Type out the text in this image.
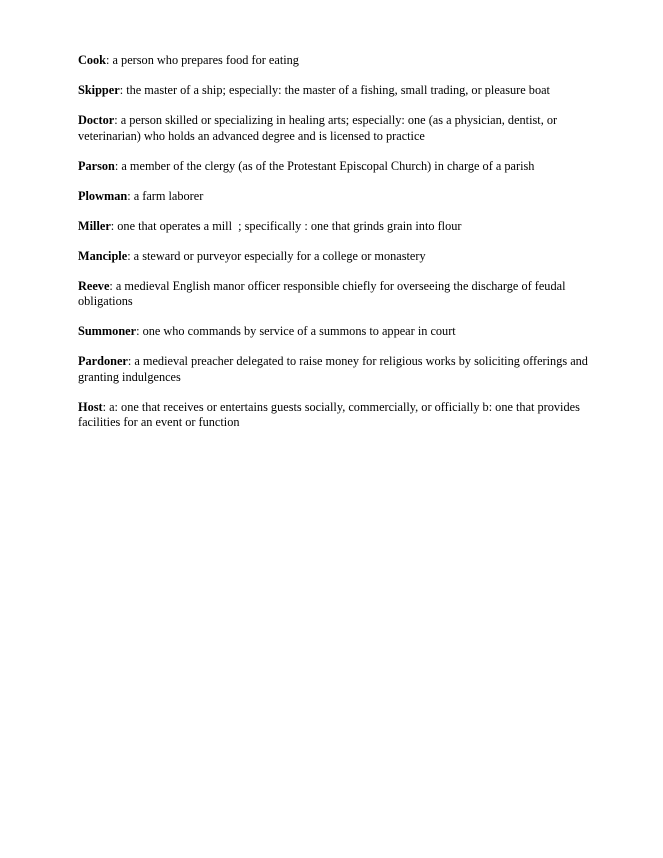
Cook: a person who prepares food for eating

Skipper: the master of a ship; especially: the master of a fishing, small trading, or pleasure boat

Doctor: a person skilled or specializing in healing arts; especially: one (as a physician, dentist, or veterinarian) who holds an advanced degree and is licensed to practice

Parson: a member of the clergy (as of the Protestant Episcopal Church) in charge of a parish

Plowman: a farm laborer

Miller: one that operates a mill  ; specifically : one that grinds grain into flour

Manciple: a steward or purveyor especially for a college or monastery

Reeve: a medieval English manor officer responsible chiefly for overseeing the discharge of feudal obligations

Summoner: one who commands by service of a summons to appear in court

Pardoner: a medieval preacher delegated to raise money for religious works by soliciting offerings and granting indulgences

Host: a: one that receives or entertains guests socially, commercially, or officially b: one that provides facilities for an event or function
